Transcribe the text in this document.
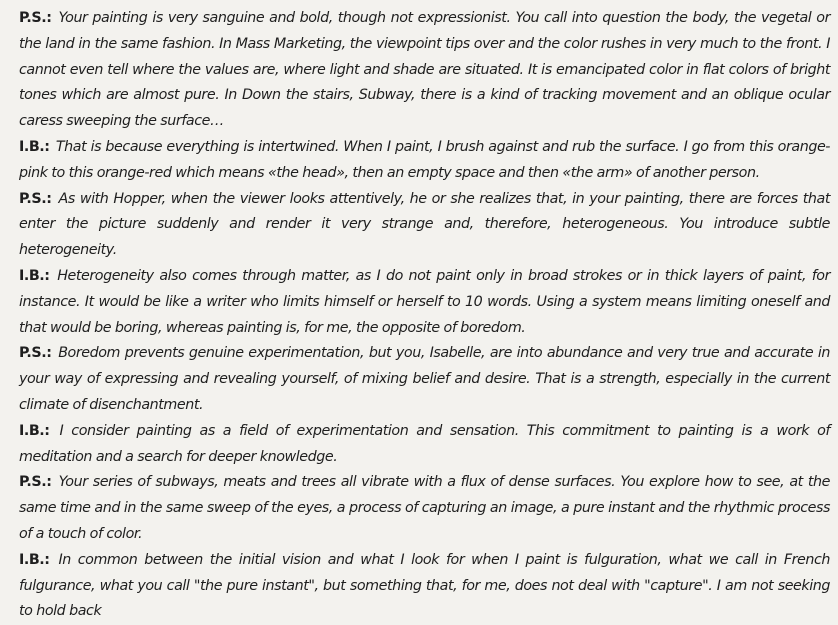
P.S.: Your painting is very sanguine and bold, though not expressionist. You call into question the body, the vegetal or the land in the same fashion. In Mass Marketing, the viewpoint tips over and the color rushes in very much to the front. I cannot even tell where the values are, where light and shade are situated. It is emancipated color in flat colors of bright tones which are almost pure. In Down the stairs, Subway, there is a kind of tracking movement and an oblique ocular caress sweeping the surface…

I.B.: That is because everything is intertwined. When I paint, I brush against and rub the surface. I go from this orange-pink to this orange-red which means «the head», then an empty space and then «the arm» of another person.

P.S.: As with Hopper, when the viewer looks attentively, he or she realizes that, in your painting, there are forces that enter the picture suddenly and render it very strange and, therefore, heterogeneous. You introduce subtle heterogeneity.

I.B.: Heterogeneity also comes through matter, as I do not paint only in broad strokes or in thick layers of paint, for instance. It would be like a writer who limits himself or herself to 10 words. Using a system means limiting oneself and that would be boring, whereas painting is, for me, the opposite of boredom.

P.S.: Boredom prevents genuine experimentation, but you, Isabelle, are into abundance and very true and accurate in your way of expressing and revealing yourself, of mixing belief and desire. That is a strength, especially in the current climate of disenchantment.

I.B.: I consider painting as a field of experimentation and sensation. This commitment to painting is a work of meditation and a search for deeper knowledge.

P.S.: Your series of subways, meats and trees all vibrate with a flux of dense surfaces. You explore how to see, at the same time and in the same sweep of the eyes, a process of capturing an image, a pure instant and the rhythmic process of a touch of color.

I.B.: In common between the initial vision and what I look for when I paint is fulguration, what we call in French fulgurance, what you call "the pure instant", but something that, for me, does not deal with "capture". I am not seeking to hold back
